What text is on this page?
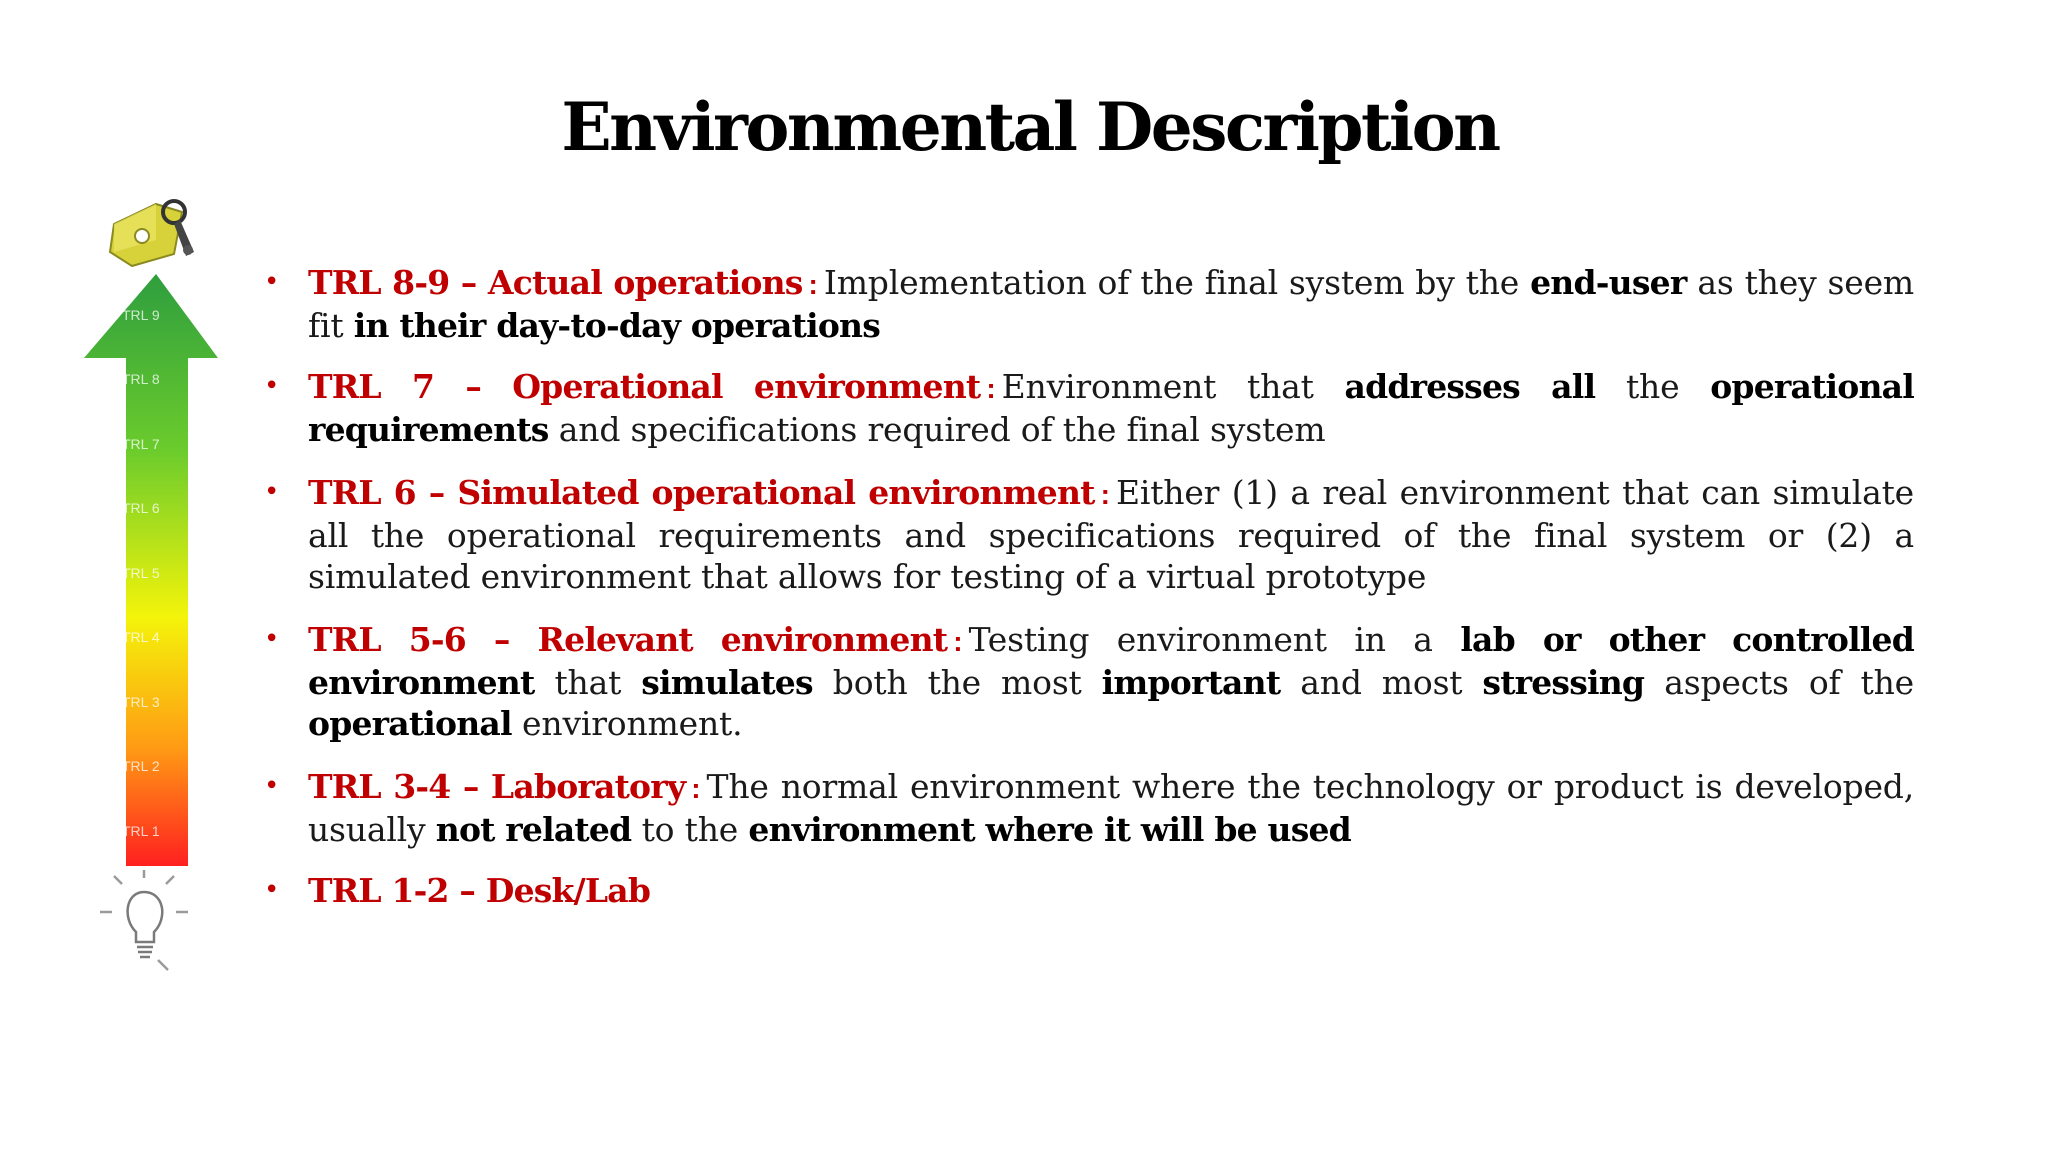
Environmental Description
TRL 9
TRL 8
TRL 7
TRL 6
TRL 5
TRL 4
TRL 3
TRL 2
TRL 1
• TRL 8-9 – Actual operations : Implementation of the final system by the end-user as they seem fit in their day-to-day operations
• TRL 7 – Operational environment : Environment that addresses all the operational requirements and specifications required of the final system
• TRL 6 – Simulated operational environment : Either (1) a real environment that can simulate all the operational requirements and specifications required of the final system or (2) a simulated environment that allows for testing of a virtual prototype
• TRL 5-6 – Relevant environment : Testing environment in a lab or other controlled environment that simulates both the most important and most stressing aspects of the operational environment.
• TRL 3-4 – Laboratory : The normal environment where the technology or product is developed, usually not related to the environment where it will be used
• TRL 1-2 – Desk/Lab
